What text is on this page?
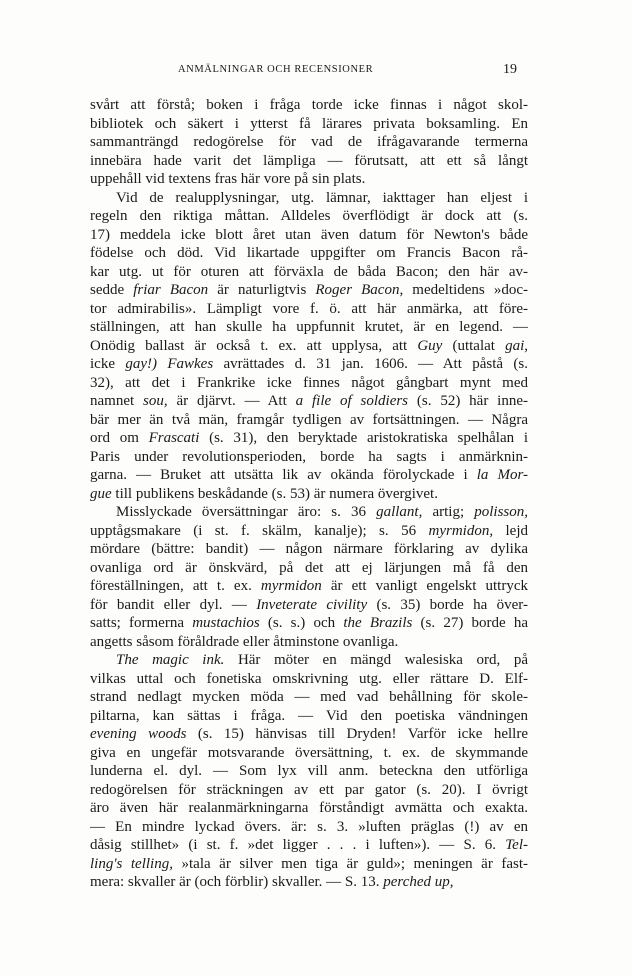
ANMÄLNINGAR OCH RECENSIONER	19
svårt att förstå; boken i fråga torde icke finnas i något skol-
bibliotek och säkert i ytterst få lärares privata boksamling. En
sammanträngd redogörelse för vad de ifrågavarande termerna
innebära hade varit det lämpliga — förutsatt, att ett så långt
uppehåll vid textens fras här vore på sin plats.
Vid de realupplysningar, utg. lämnar, iakttager han eljest i
regeln den riktiga måttan. Alldeles överflödigt är dock att (s.
17) meddela icke blott året utan även datum för Newton's både
födelse och död. Vid likartade uppgifter om Francis Bacon rå-
kar utg. ut för oturen att förväxla de båda Bacon; den här av-
sedde friar Bacon är naturligtvis Roger Bacon, medeltidens »doc-
tor admirabilis». Lämpligt vore f. ö. att här anmärka, att före-
ställningen, att han skulle ha uppfunnit krutet, är en legend. —
Onödig ballast är också t. ex. att upplysa, att Guy (uttalat gai,
icke gay!) Fawkes avrättades d. 31 jan. 1606. — Att påstå (s.
32), att det i Frankrike icke finnes något gångbart mynt med
namnet sou, är djärvt. — Att a file of soldiers (s. 52) här inne-
bär mer än två män, framgår tydligen av fortsättningen. — Några
ord om Frascati (s. 31), den beryktade aristokratiska spelhålan i
Paris under revolutionsperioden, borde ha sagts i anmärknin-
garna. — Bruket att utsätta lik av okända förolyckade i la Mor-
gue till publikens beskådande (s. 53) är numera övergivet.
Misslyckade översättningar äro: s. 36 gallant, artig; polisson,
upptågsmakare (i st. f. skälm, kanalje); s. 56 myrmidon, lejd
mördare (bättre: bandit) — någon närmare förklaring av dylika
ovanliga ord är önskvärd, på det att ej lärjungen må få den
föreställningen, att t. ex. myrmidon är ett vanligt engelskt uttryck
för bandit eller dyl. — Inveterate civility (s. 35) borde ha över-
satts; formerna mustachios (s. s.) och the Brazils (s. 27) borde ha
angetts såsom föråldrade eller åtminstone ovanliga.
The magic ink. Här möter en mängd walesiska ord, på
vilkas uttal och fonetiska omskrivning utg. eller rättare D. Elf-
strand nedlagt mycken möda — med vad behållning för skole-
piltarna, kan sättas i fråga. — Vid den poetiska vändningen
evening woods (s. 15) hänvisas till Dryden! Varför icke hellre
giva en ungefär motsvarande översättning, t. ex. de skymmande
lunderna el. dyl. — Som lyx vill anm. beteckna den utförliga
redogörelsen för sträckningen av ett par gator (s. 20). I övrigt
äro även här realanmärkningarna förståndigt avmätta och exakta.
— En mindre lyckad övers. är: s. 3. »luften präglas (!) av en
dåsig stillhet» (i st. f. »det ligger . . . i luften»). — S. 6. Tel-
ling's telling, »tala är silver men tiga är guld»; meningen är fast-
mera: skvaller är (och förblir) skvaller. — S. 13. perched up,
